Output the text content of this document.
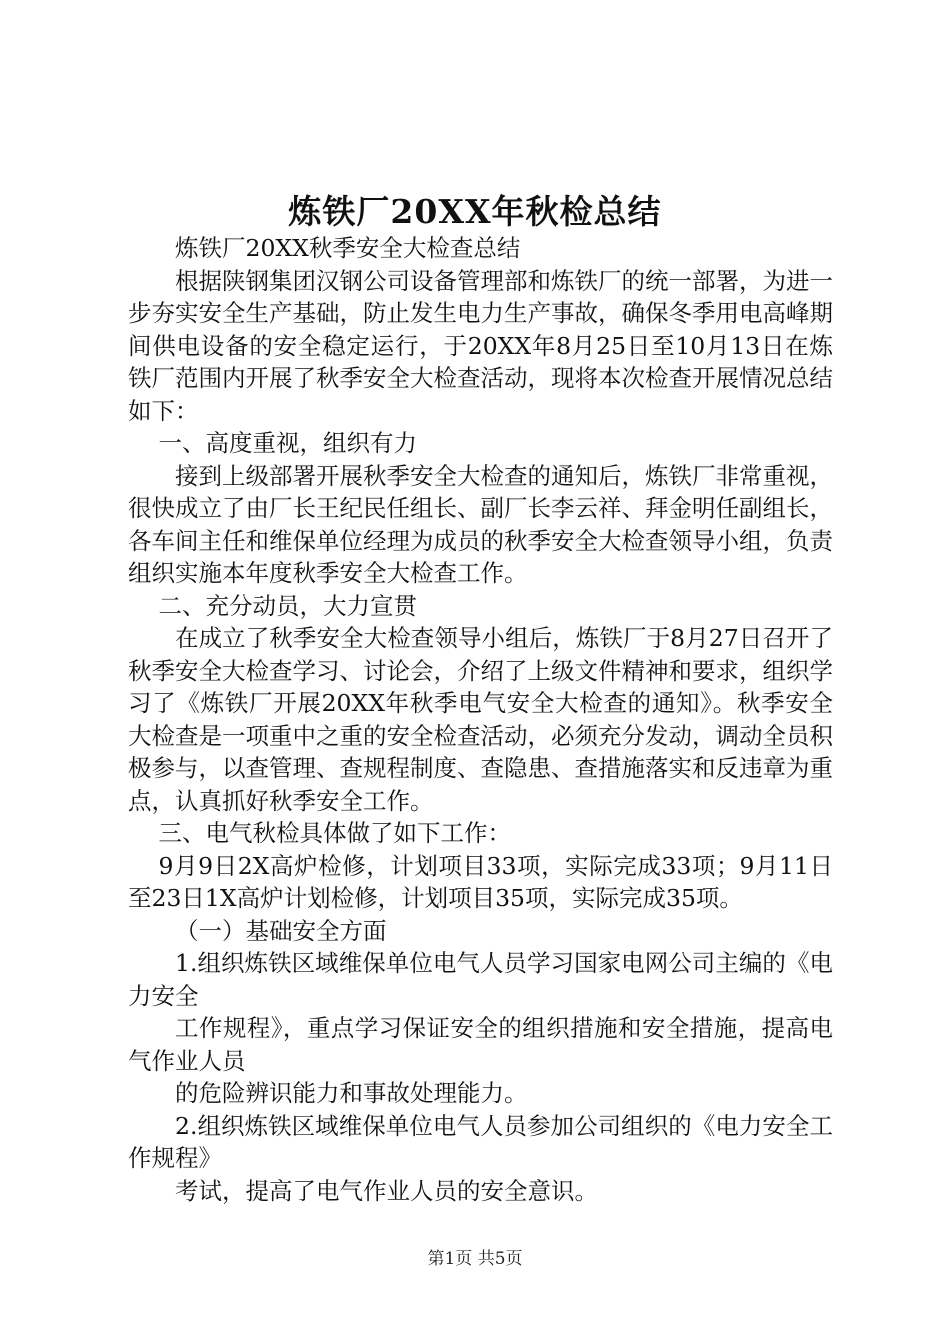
炼铁厂20XX年秋检总结

炼铁厂20XX秋季安全大检查总结

根据陕钢集团汉钢公司设备管理部和炼铁厂的统一部署，为进一步夯实安全生产基础，防止发生电力生产事故，确保冬季用电高峰期间供电设备的安全稳定运行，于20XX年8月25日至10月13日在炼铁厂范围内开展了秋季安全大检查活动，现将本次检查开展情况总结如下：

一、高度重视，组织有力

接到上级部署开展秋季安全大检查的通知后，炼铁厂非常重视，很快成立了由厂长王纪民任组长、副厂长李云祥、拜金明任副组长，各车间主任和维保单位经理为成员的秋季安全大检查领导小组，负责组织实施本年度秋季安全大检查工作。

二、充分动员，大力宣贯

在成立了秋季安全大检查领导小组后，炼铁厂于8月27日召开了秋季安全大检查学习、讨论会，介绍了上级文件精神和要求，组织学习了《炼铁厂开展20XX年秋季电气安全大检查的通知》。秋季安全大检查是一项重中之重的安全检查活动，必须充分发动，调动全员积极参与，以查管理、查规程制度、查隐患、查措施落实和反违章为重点，认真抓好秋季安全工作。

三、电气秋检具体做了如下工作：

9月9日2X高炉检修，计划项目33项，实际完成33项；9月11日至23日1X高炉计划检修，计划项目35项，实际完成35项。

（一）基础安全方面

1.组织炼铁区域维保单位电气人员学习国家电网公司主编的《电力安全

工作规程》，重点学习保证安全的组织措施和安全措施，提高电气作业人员

的危险辨识能力和事故处理能力。

2.组织炼铁区域维保单位电气人员参加公司组织的《电力安全工作规程》

考试，提高了电气作业人员的安全意识。

第1页 共5页
